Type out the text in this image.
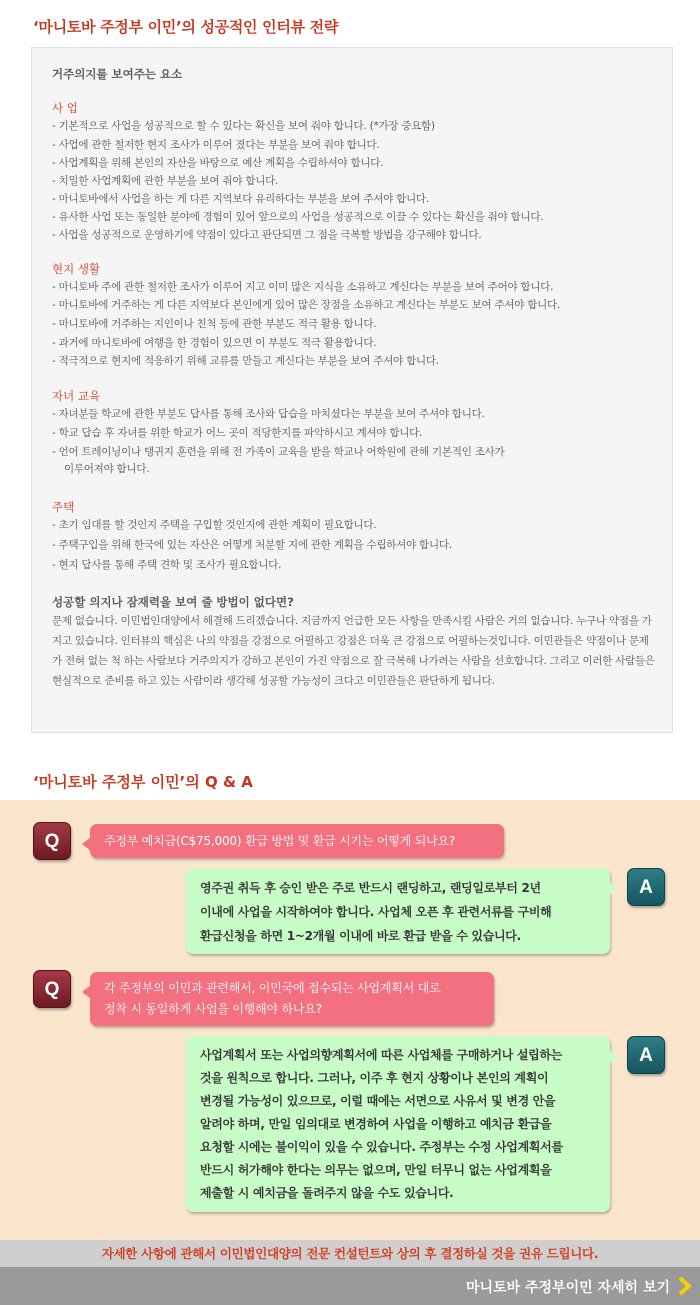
‘마니토바 주정부 이민’의 성공적인 인터뷰 전략
거주의지를 보여주는 요소
사 업
- 기본적으로 사업을 성공적으로 할 수 있다는 확신을 보여 줘야 합니다. (*가장 중요함)
- 사업에 관한 철저한 현지 조사가 이루어 졌다는 부분을 보여 줘야 합니다.
- 사업계획을 위해 본인의 자산을 바탕으로 예산 계획을 수립하셔야 합니다.
- 치밀한 사업계획에 관한 부분을 보여 줘야 합니다.
- 마니토바에서 사업을 하는 게 다른 지역보다 유리하다는 부분을 보여 주셔야 합니다.
- 유사한 사업 또는 동일한 분야에 경험이 있어 앞으로의 사업을 성공적으로 이끌 수 있다는 확신을 줘야 합니다.
- 사업을 성공적으로 운영하기에 약점이 있다고 판단되면 그 점을 극복할 방법을 강구해야 합니다.
현지 생활
- 마니토바 주에 관한 철저한 조사가 이루어 지고 이미 많은 지식을 소유하고 계신다는 부분을 보여 주어야 합니다.
- 마니토바에 거주하는 게 다른 지역보다 본인에게 있어 많은 장점을 소유하고 계신다는 부분도 보여 주셔야 합니다.
- 마니토바에 거주하는 지인이나 친척 등에 관한 부분도 적극 활용 합니다.
- 과거에 마니토바에 여행을 한 경험이 있으면 이 부분도 적극 활용합니다.
- 적극적으로 현지에 적응하기 위해 교류를 만들고 계신다는 부분을 보여 주셔야 합니다.
자녀 교육
- 자녀분들 학교에 관한 부분도 답사를 통해 조사와 답습을 마치셨다는 부분을 보여 주셔야 합니다.
- 학교 답습 후 자녀를 위한 학교가 어느 곳이 적당한지를 파악하시고 계셔야 합니다.
- 언어 트레이닝이나 탱귀지 훈련을 위해 전 가족이 교육을 받을 학교나 어학원에 관해 기본적인 조사가
이루어져야 합니다.
주택
- 초기 임대를 할 것인지 주택을 구입할 것인지에 관한 계획이 필요합니다.
- 주택구입을 위해 한국에 있는 자산은 어떻게 처분할 지에 관한 계획을 수립하셔야 합니다.
- 현지 답사를 통해 주택 견학 및 조사가 필요합니다.
성공할 의지나 잠재력을 보여 줄 방법이 없다면?
문제 없습니다. 이민법인대양에서 해결해 드리겠습니다. 지금까지 언급한 모든 사항을 만족시킬 사람은 거의 없습니다. 누구나 약점을 가지고 있습니다. 인터뷰의 핵심은 나의 약점을 강점으로 어필하고 강점은 더욱 큰 강점으로 어필하는것입니다. 이민관들은 약점이나 문제가 전혀 없는 척 하는 사람보다 거주의지가 강하고 본인이 가진 약점으로 잘 극복해 나가려는 사람을 선호합니다. 그리고 이러한 사람들은 현실적으로 준비를 하고 있는 사람이라 생각해 성공할 가능성이 크다고 이민관들은 판단하게 됩니다.
‘마니토바 주정부 이민’의 Q & A
Q	주정부 예치금(C$75,000) 환급 방법 및 환급 시기는 어떻게 되나요?
영주권 취득 후 승인 받은 주로 반드시 랜딩하고, 랜딩일로부터 2년
이내에 사업을 시작하여야 합니다. 사업체 오픈 후 관련서류를 구비해
환급신청을 하면 1~2개월 이내에 바로 환급 받을 수 있습니다.
A
Q	각 주정부의 이민과 관련해서, 이민국에 접수되는 사업계획서 대로
정착 시 동일하게 사업을 이행해야 하나요?
사업계획서 또는 사업의향계획서에 따른 사업체를 구매하거나 설립하는
것을 원칙으로 합니다. 그러나, 이주 후 현지 상황이나 본인의 계획이
변경될 가능성이 있으므로, 이럴 때에는 서면으로 사유서 및 변경 안을
알려야 하며, 만일 임의대로 변경하여 사업을 이행하고 예치금 환급을
요청할 시에는 불이익이 있을 수 있습니다. 주정부는 수정 사업계획서를
반드시 허가해야 한다는 의무는 없으며, 만일 터무니 없는 사업계획을
제출할 시 예치금을 돌려주지 않을 수도 있습니다.
A
자세한 사항에 관해서 이민법인대양의 전문 컨설턴트와 상의 후 결정하실 것을 권유 드립니다.
마니토바 주정부이민 자세히 보기
